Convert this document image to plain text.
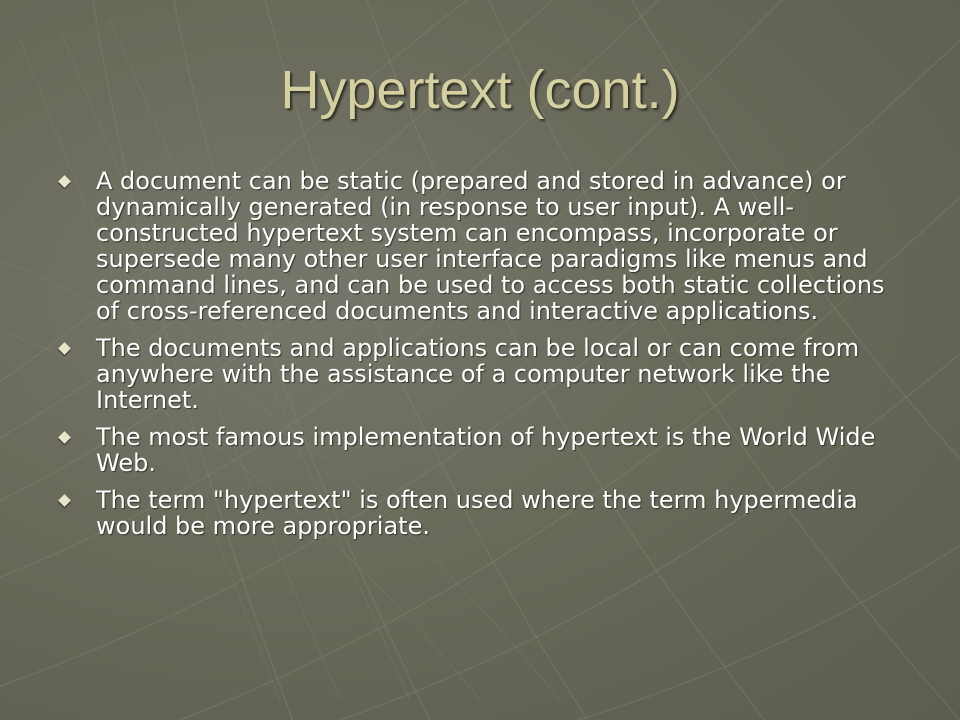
Hypertext (cont.)
A document can be static (prepared and stored in advance) or dynamically generated (in response to user input). A well-constructed hypertext system can encompass, incorporate or supersede many other user interface paradigms like menus and command lines, and can be used to access both static collections of cross-referenced documents and interactive applications.
The documents and applications can be local or can come from anywhere with the assistance of a computer network like the Internet.
The most famous implementation of hypertext is the World Wide Web.
The term "hypertext" is often used where the term hypermedia would be more appropriate.
